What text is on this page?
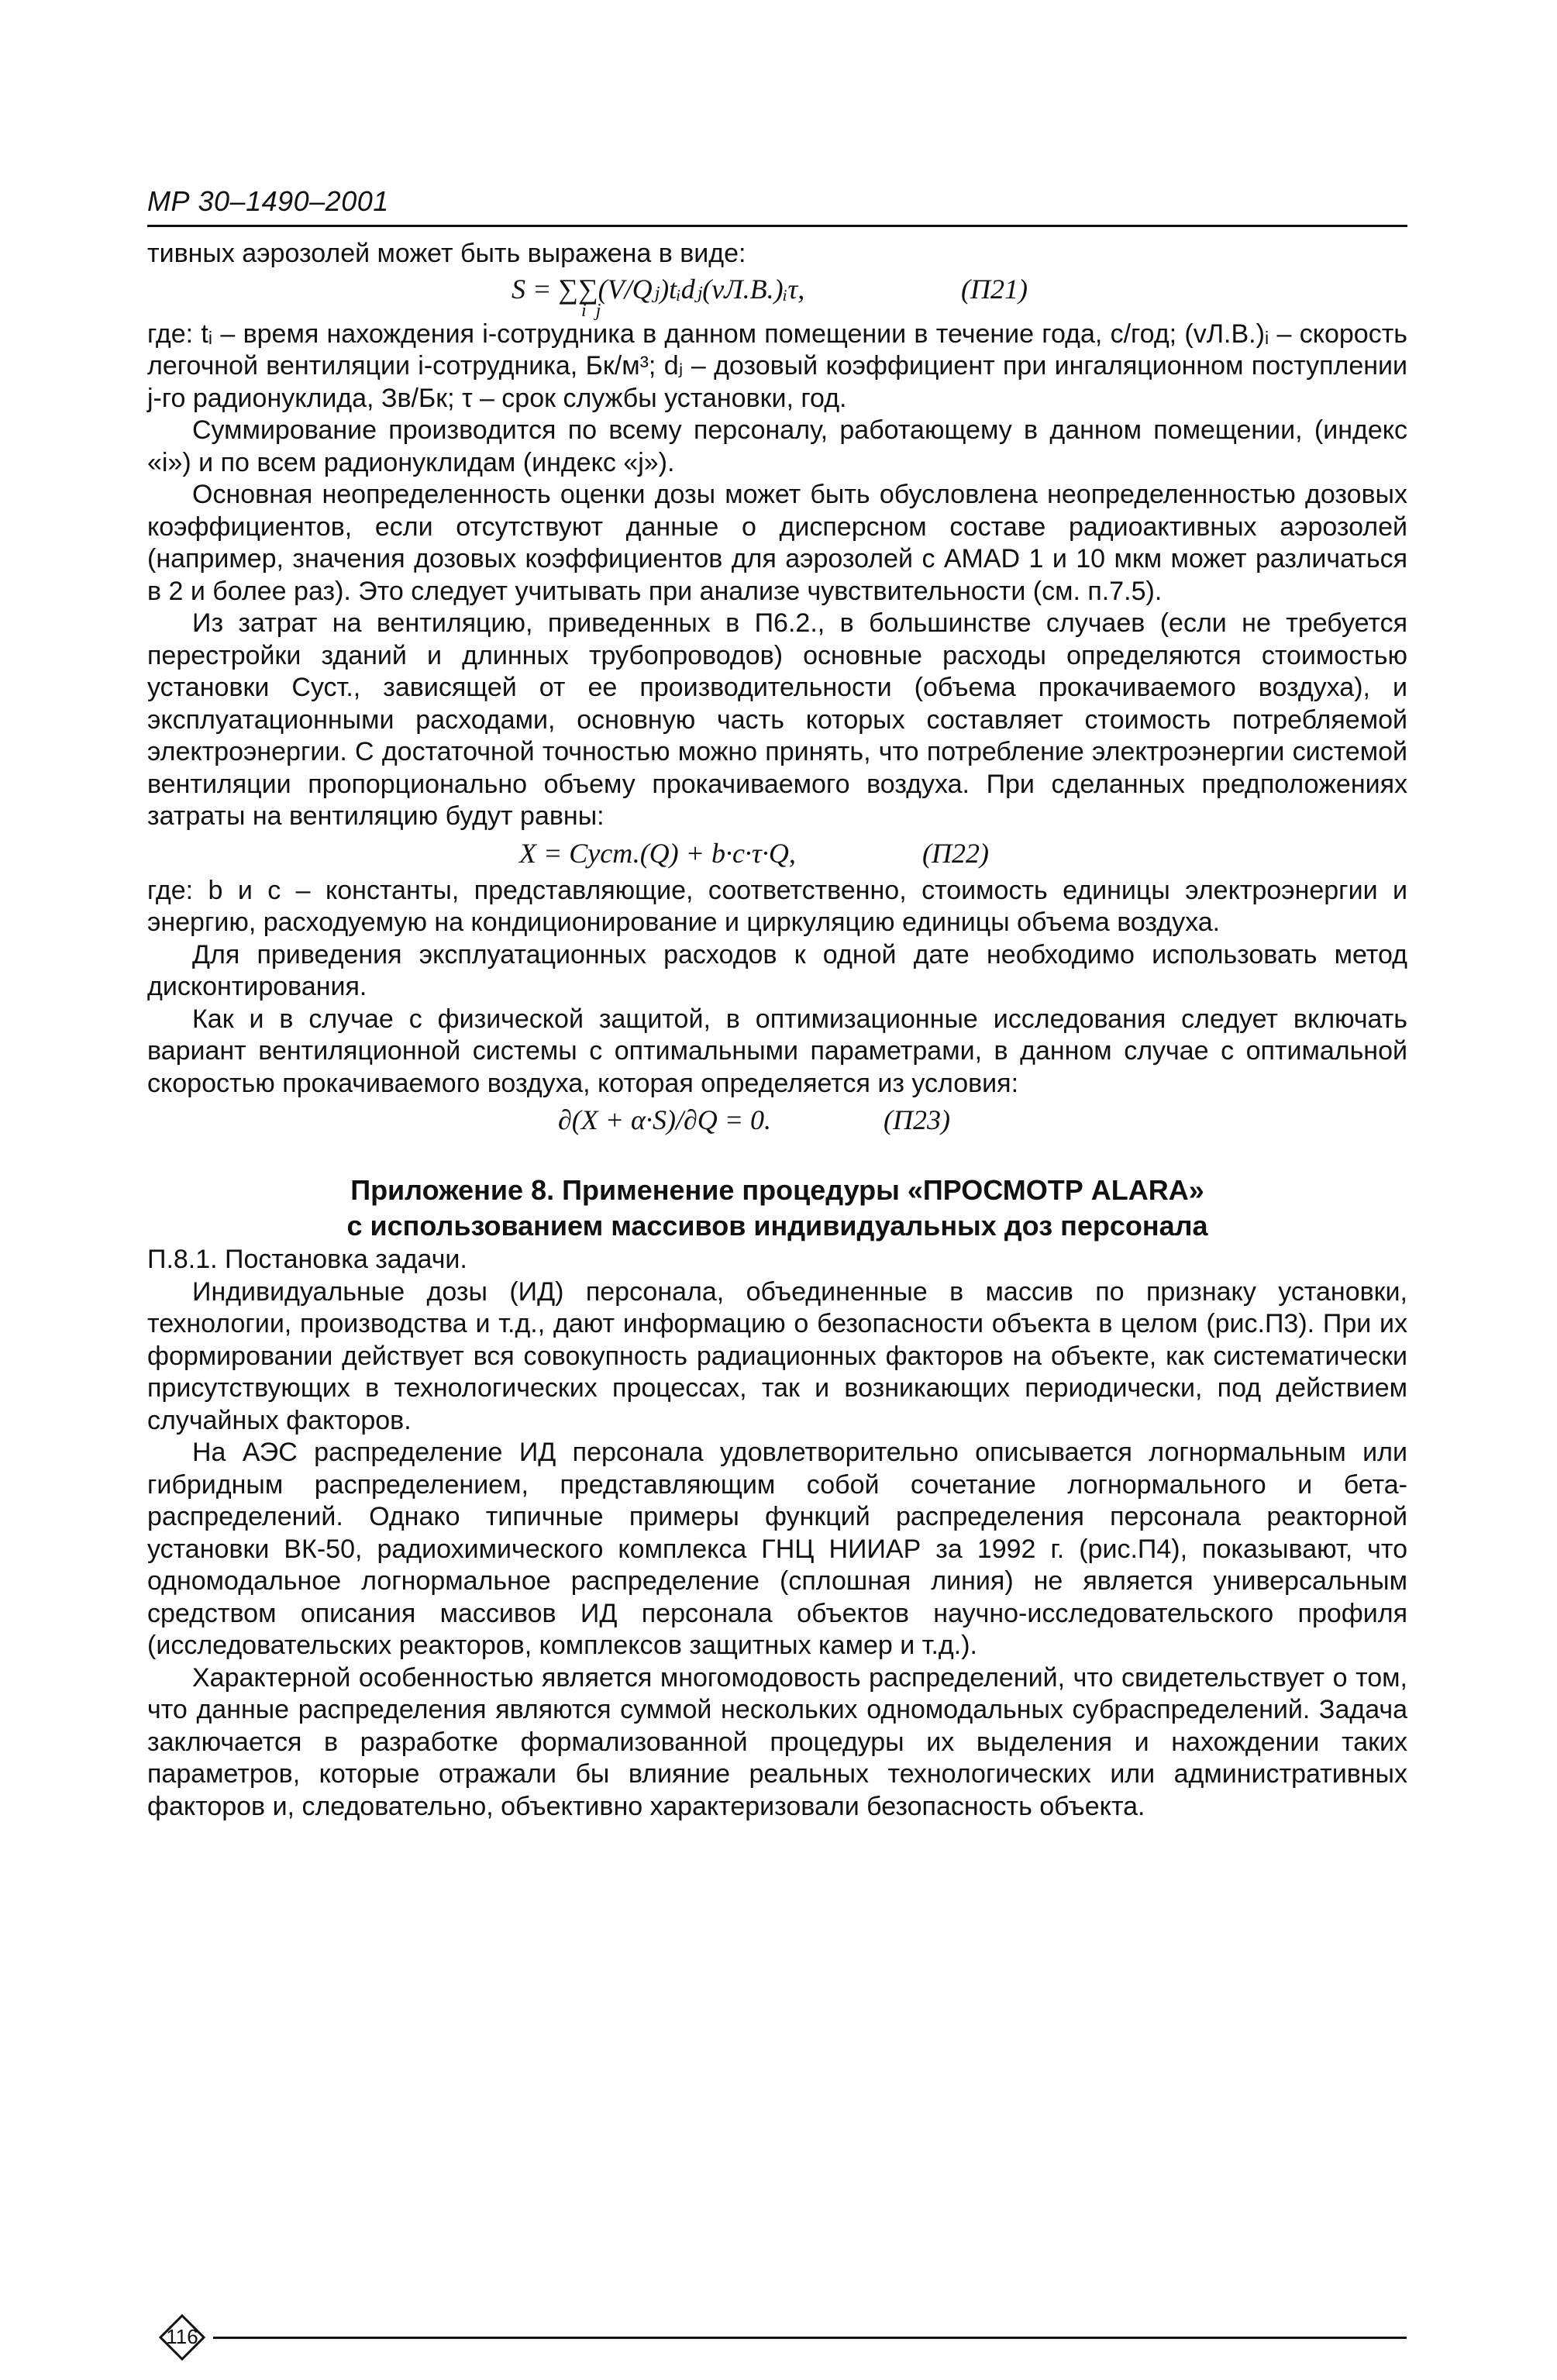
МР 30–1490–2001

тивных аэрозолей может быть выражена в виде:

S = ∑∑(V/Qⱼ)tᵢdⱼ(vЛ.В.)ᵢτ,
i  j
(П21)

где: tᵢ – время нахождения i-сотрудника в данном помещении в течение года, с/год; (vЛ.В.)ᵢ – скорость легочной вентиляции i-сотрудника, Бк/м³; dⱼ – дозовый коэффициент при ингаляционном поступлении j-го радионуклида, Зв/Бк; τ – срок службы установки, год.

Суммирование производится по всему персоналу, работающему в данном помещении, (индекс «i») и по всем радионуклидам (индекс «j»).

Основная неопределенность оценки дозы может быть обусловлена неопределенностью дозовых коэффициентов, если отсутствуют данные о дисперсном составе радиоактивных аэрозолей (например, значения дозовых коэффициентов для аэрозолей с AMAD 1 и 10 мкм может различаться в 2 и более раз). Это следует учитывать при анализе чувствительности (см. п.7.5).

Из затрат на вентиляцию, приведенных в П6.2., в большинстве случаев (если не требуется перестройки зданий и длинных трубопроводов) основные расходы определяются стоимостью установки Cуст., зависящей от ее производительности (объема прокачиваемого воздуха), и эксплуатационными расходами, основную часть которых составляет стоимость потребляемой электроэнергии. С достаточной точностью можно принять, что потребление электроэнергии системой вентиляции пропорционально объему прокачиваемого воздуха. При сделанных предположениях затраты на вентиляцию будут равны:

X = Cуст.(Q) + b·c·τ·Q,	(П22)

где: b и c – константы, представляющие, соответственно, стоимость единицы электроэнергии и энергию, расходуемую на кондиционирование и циркуляцию единицы объема воздуха.

Для приведения эксплуатационных расходов к одной дате необходимо использовать метод дисконтирования.

Как и в случае с физической защитой, в оптимизационные исследования следует включать вариант вентиляционной системы с оптимальными параметрами, в данном случае с оптимальной скоростью прокачиваемого воздуха, которая определяется из условия:

∂(X + α·S)/∂Q = 0.	(П23)
Приложение 8. Применение процедуры «ПРОСМОТР ALARA»
с использованием массивов индивидуальных доз персонала

П.8.1. Постановка задачи.

Индивидуальные дозы (ИД) персонала, объединенные в массив по признаку установки, технологии, производства и т.д., дают информацию о безопасности объекта в целом (рис.П3). При их формировании действует вся совокупность радиационных факторов на объекте, как систематически присутствующих в технологических процессах, так и возникающих периодически, под действием случайных факторов.

На АЭС распределение ИД персонала удовлетворительно описывается логнормальным или гибридным распределением, представляющим собой сочетание логнормального и бета-распределений. Однако типичные примеры функций распределения персонала реакторной установки ВК-50, радиохимического комплекса ГНЦ НИИАР за 1992 г. (рис.П4), показывают, что одномодальное логнормальное распределение (сплошная линия) не является универсальным средством описания массивов ИД персонала объектов научно-исследовательского профиля (исследовательских реакторов, комплексов защитных камер и т.д.).

Характерной особенностью является многомодовость распределений, что свидетельствует о том, что данные распределения являются суммой нескольких одномодальных субраспределений. Задача заключается в разработке формализованной процедуры их выделения и нахождении таких параметров, которые отражали бы влияние реальных технологических или административных факторов и, следовательно, объективно характеризовали безопасность объекта.

116
